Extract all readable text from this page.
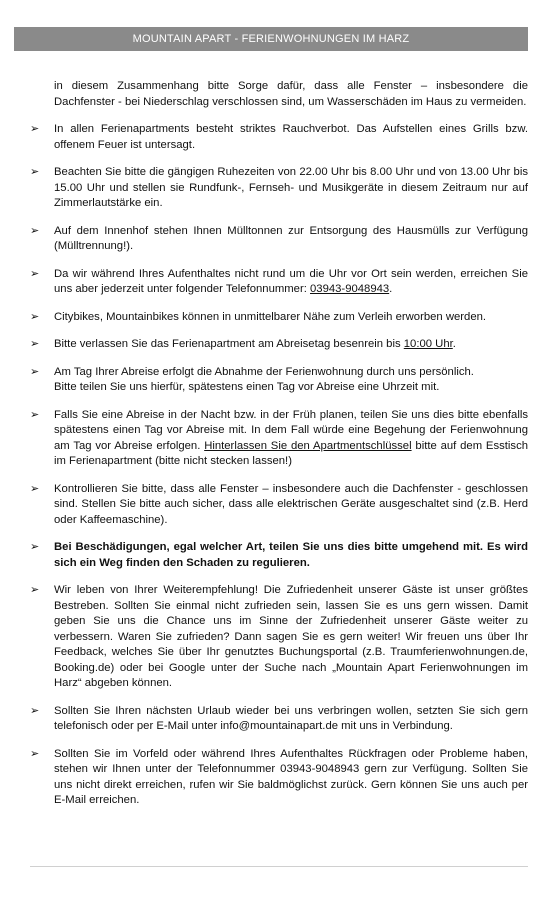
MOUNTAIN APART - FERIENWOHNUNGEN IM HARZ

in diesem Zusammenhang bitte Sorge dafür, dass alle Fenster – insbesondere die Dachfenster - bei Niederschlag verschlossen sind, um Wasserschäden im Haus zu vermeiden.

➢	In allen Ferienapartments besteht striktes Rauchverbot. Das Aufstellen eines Grills bzw. offenem Feuer ist untersagt.
➢	Beachten Sie bitte die gängigen Ruhezeiten von 22.00 Uhr bis 8.00 Uhr und von 13.00 Uhr bis 15.00 Uhr und stellen sie Rundfunk-, Fernseh- und Musikgeräte in diesem Zeitraum nur auf Zimmerlautstärke ein.
➢	Auf dem Innenhof stehen Ihnen Mülltonnen zur Entsorgung des Hausmülls zur Verfügung (Mülltrennung!).
➢	Da wir während Ihres Aufenthaltes nicht rund um die Uhr vor Ort sein werden, erreichen Sie uns aber jederzeit unter folgender Telefonnummer: 03943-9048943.
➢	Citybikes, Mountainbikes können in unmittelbarer Nähe zum Verleih erworben werden.
➢	Bitte verlassen Sie das Ferienapartment am Abreisetag besenrein bis 10:00 Uhr.
➢	Am Tag Ihrer Abreise erfolgt die Abnahme der Ferienwohnung durch uns persönlich.
Bitte teilen Sie uns hierfür, spätestens einen Tag vor Abreise eine Uhrzeit mit.
➢	Falls Sie eine Abreise in der Nacht bzw. in der Früh planen, teilen Sie uns dies bitte ebenfalls spätestens einen Tag vor Abreise mit. In dem Fall würde eine Begehung der Ferienwohnung am Tag vor Abreise erfolgen. Hinterlassen Sie den Apartmentschlüssel bitte auf dem Esstisch im Ferienapartment (bitte nicht stecken lassen!)
➢	Kontrollieren Sie bitte, dass alle Fenster – insbesondere auch die Dachfenster - geschlossen sind. Stellen Sie bitte auch sicher, dass alle elektrischen Geräte ausgeschaltet sind (z.B. Herd oder Kaffeemaschine).
➢	Bei Beschädigungen, egal welcher Art, teilen Sie uns dies bitte umgehend mit. Es wird sich ein Weg finden den Schaden zu regulieren.
➢	Wir leben von Ihrer Weiterempfehlung! Die Zufriedenheit unserer Gäste ist unser größtes Bestreben. Sollten Sie einmal nicht zufrieden sein, lassen Sie es uns gern wissen. Damit geben Sie uns die Chance uns im Sinne der Zufriedenheit unserer Gäste weiter zu verbessern. Waren Sie zufrieden? Dann sagen Sie es gern weiter! Wir freuen uns über Ihr Feedback, welches Sie über Ihr genutztes Buchungsportal (z.B. Traumferienwohnungen.de, Booking.de) oder bei Google unter der Suche nach „Mountain Apart Ferienwohnungen im Harz“ abgeben können.
➢	Sollten Sie Ihren nächsten Urlaub wieder bei uns verbringen wollen, setzten Sie sich gern telefonisch oder per E-Mail unter info@mountainapart.de mit uns in Verbindung.
➢	Sollten Sie im Vorfeld oder während Ihres Aufenthaltes Rückfragen oder Probleme haben, stehen wir Ihnen unter der Telefonnummer 03943-9048943 gern zur Verfügung. Sollten Sie uns nicht direkt erreichen, rufen wir Sie baldmöglichst zurück. Gern können Sie uns auch per E-Mail erreichen.
